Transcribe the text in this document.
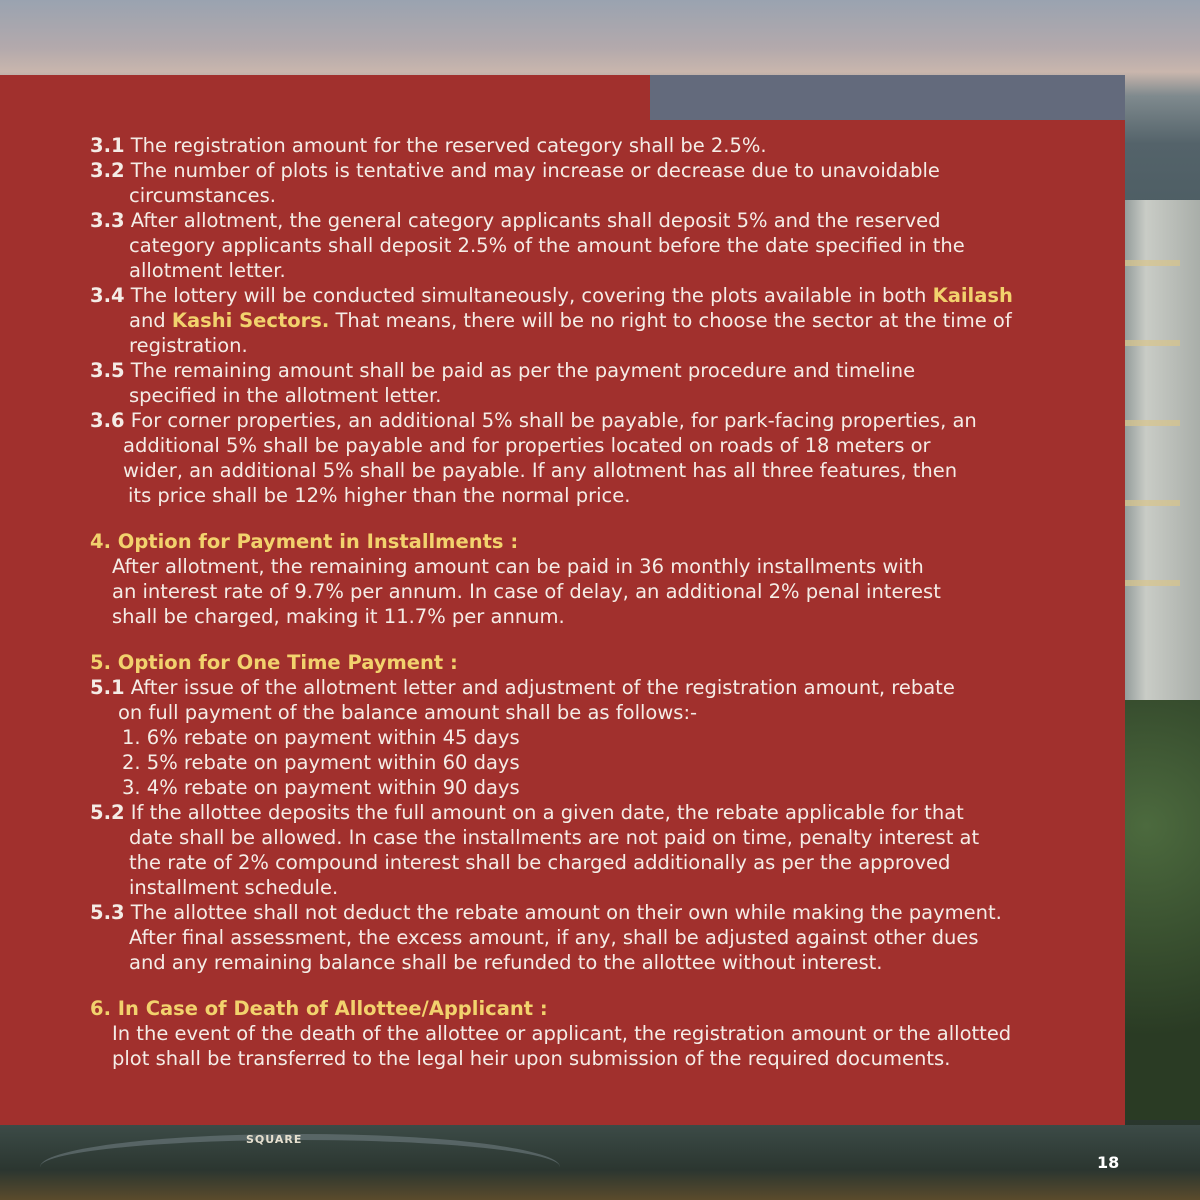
SQUARE
3.1 The registration amount for the reserved category shall be 2.5%.
3.2 The number of plots is tentative and may increase or decrease due to unavoidable
circumstances.
3.3 After allotment, the general category applicants shall deposit 5% and the reserved
category applicants shall deposit 2.5% of the amount before the date specified in the
allotment letter.
3.4 The lottery will be conducted simultaneously, covering the plots available in both Kailash
and Kashi Sectors. That means, there will be no right to choose the sector at the time of
registration.
3.5 The remaining amount shall be paid as per the payment procedure and timeline
specified in the allotment letter.
3.6 For corner properties, an additional 5% shall be payable, for park-facing properties, an
additional 5% shall be payable and for properties located on roads of 18 meters or
wider, an additional 5% shall be payable. If any allotment has all three features, then
its price shall be 12% higher than the normal price.
4. Option for Payment in Installments :
After allotment, the remaining amount can be paid in 36 monthly installments with
an interest rate of 9.7% per annum. In case of delay, an additional 2% penal interest
shall be charged, making it 11.7% per annum.
5. Option for One Time Payment :
5.1 After issue of the allotment letter and adjustment of the registration amount, rebate
on full payment of the balance amount shall be as follows:-
1. 6% rebate on payment within 45 days
2. 5% rebate on payment within 60 days
3. 4% rebate on payment within 90 days
5.2 If the allottee deposits the full amount on a given date, the rebate applicable for that
date shall be allowed. In case the installments are not paid on time, penalty interest at
the rate of 2% compound interest shall be charged additionally as per the approved
installment schedule.
5.3 The allottee shall not deduct the rebate amount on their own while making the payment.
After final assessment, the excess amount, if any, shall be adjusted against other dues
and any remaining balance shall be refunded to the allottee without interest.
6. In Case of Death of Allottee/Applicant :
In the event of the death of the allottee or applicant, the registration amount or the allotted
plot shall be transferred to the legal heir upon submission of the required documents.
18
